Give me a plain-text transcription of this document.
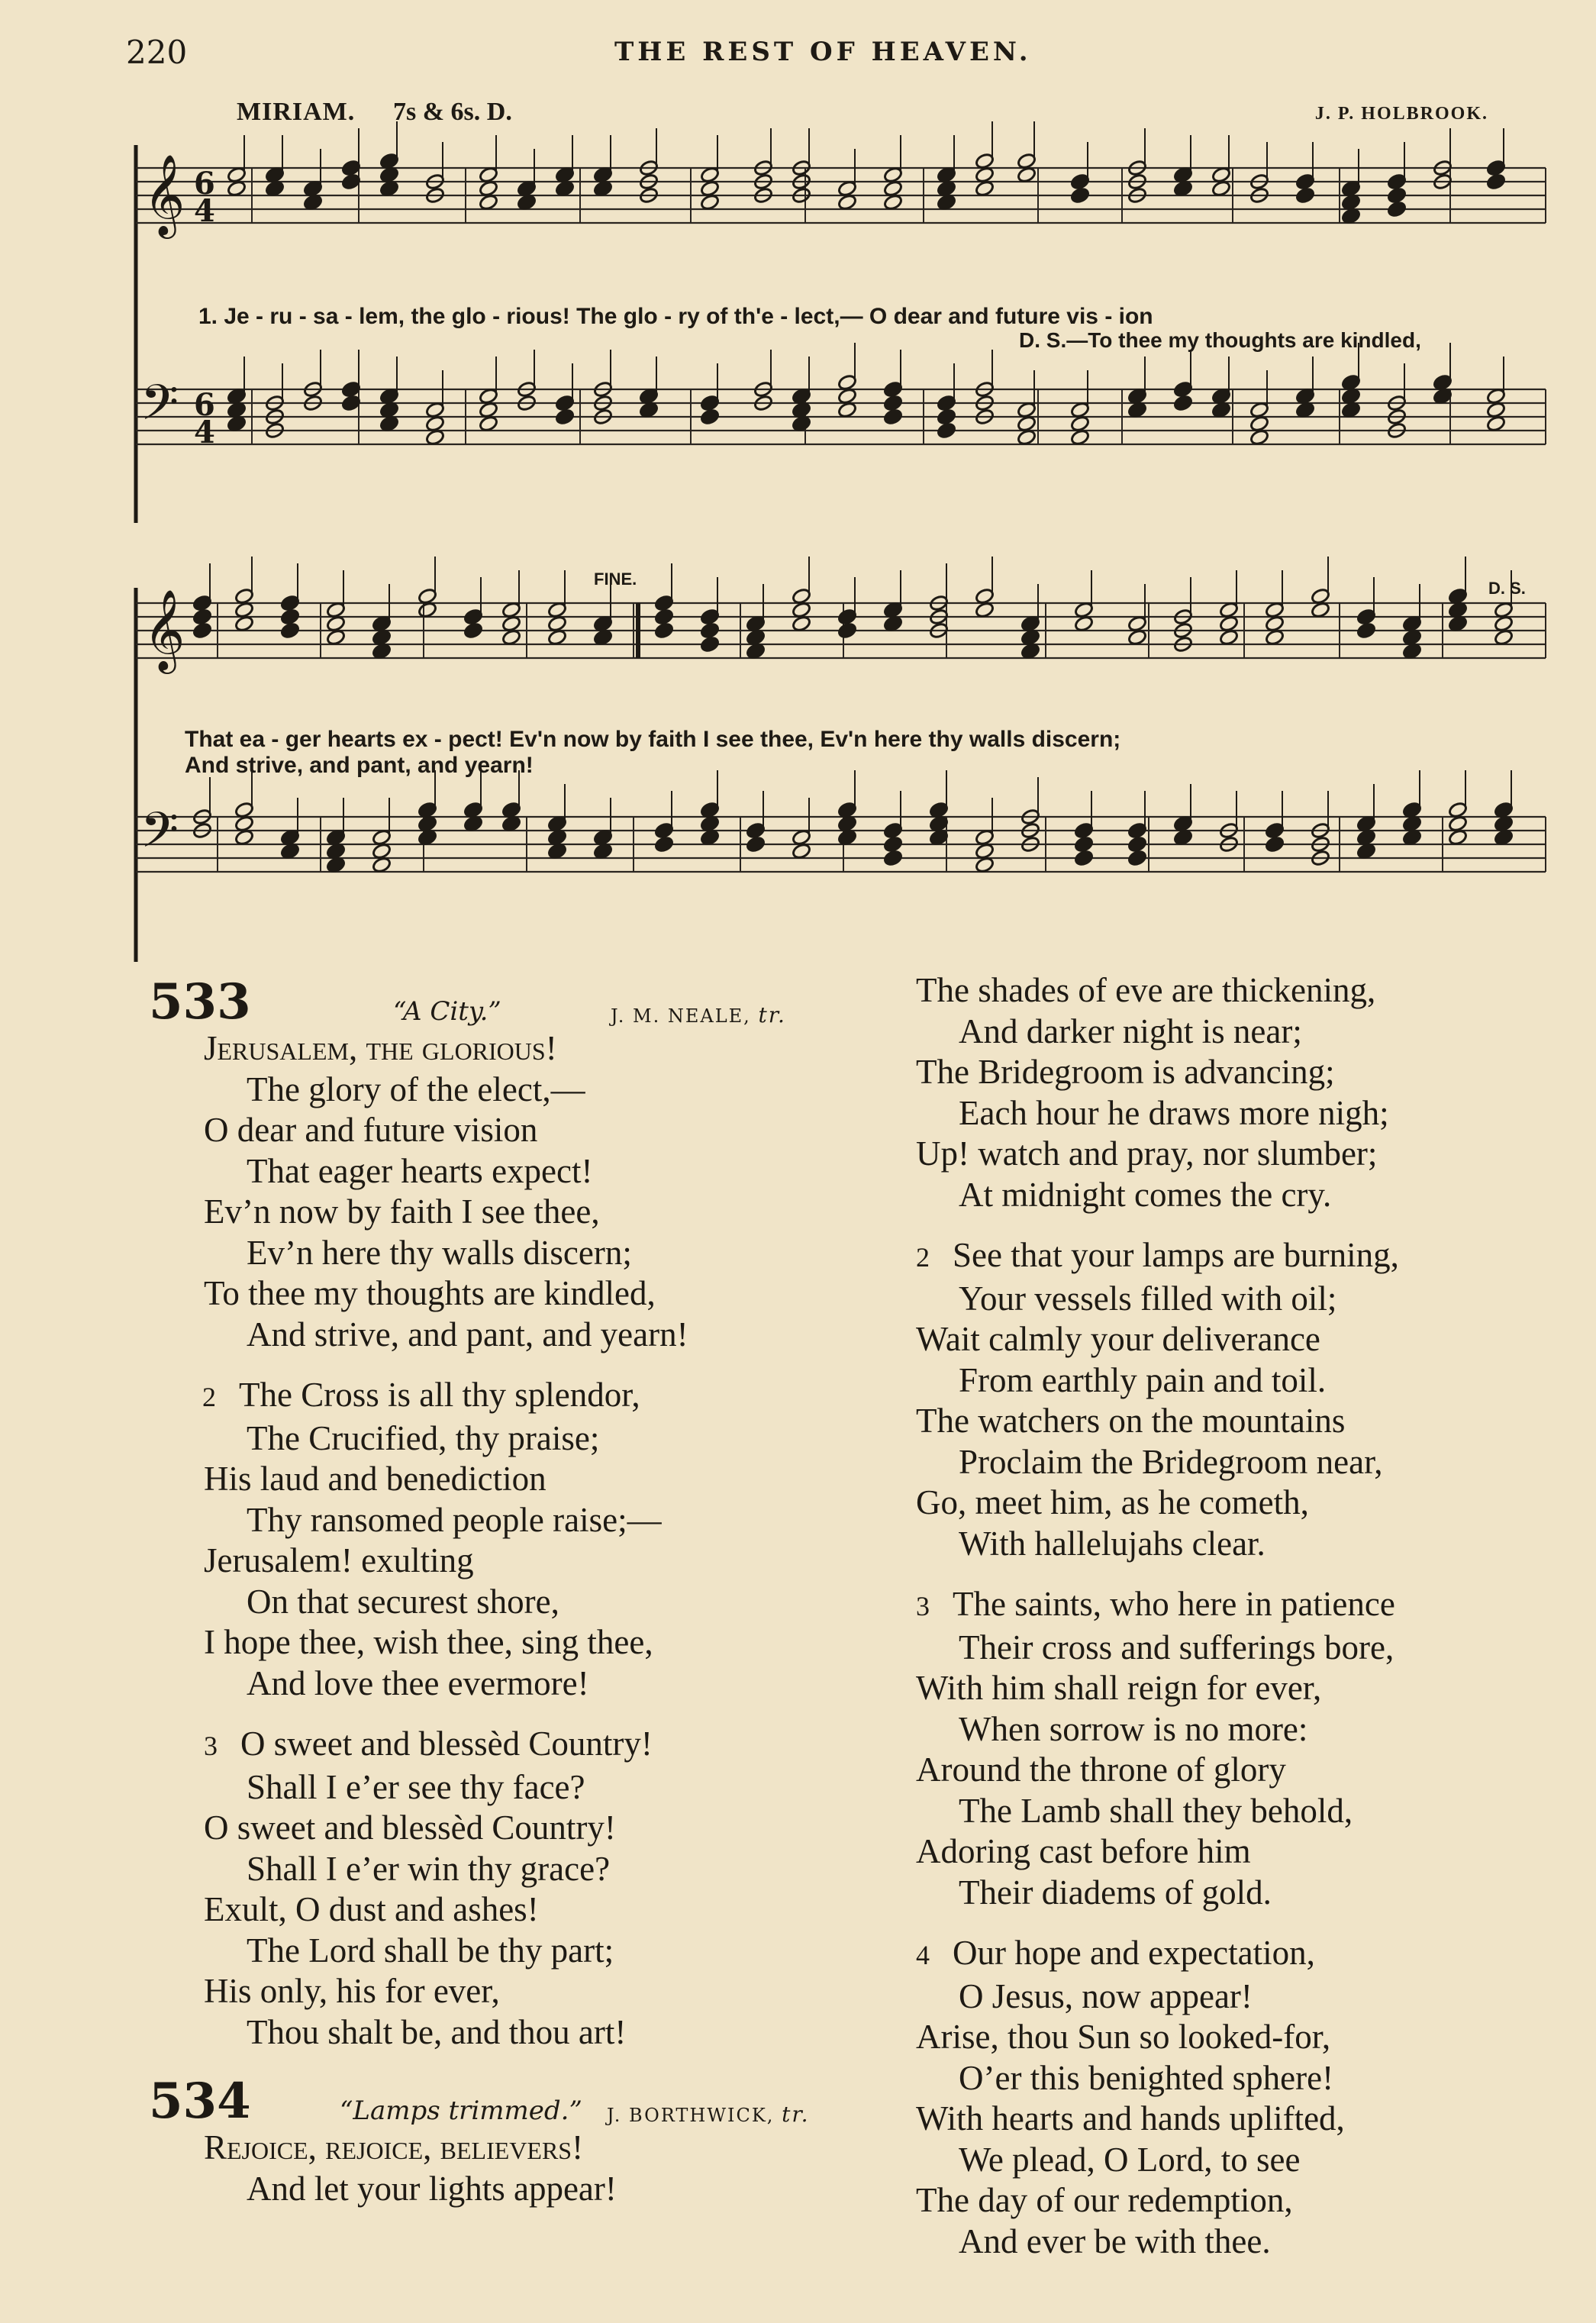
220	THE REST OF HEAVEN.
MIRIAM. 7s & 6s. D.	J. P. HOLBROOK.
𝄞
𝄢
6
4
6
4
1. Je - ru - sa - lem, the glo - rious! The glo - ry of th'e - lect,— O dear and future vis - ion
D. S.—To thee my thoughts are kindled,
𝄞
𝄢
FINE.	D. S.
That ea - ger hearts ex - pect! Ev'n now by faith I see thee, Ev'n here thy walls discern;
And strive, and pant, and yearn!
533	“A City.”	J. M. NEALE, tr.
Jerusalem, the glorious!
The glory of the elect,—
O dear and future vision
That eager hearts expect!
Ev’n now by faith I see thee,
Ev’n here thy walls discern;
To thee my thoughts are kindled,
And strive, and pant, and yearn!
2 The Cross is all thy splendor,
The Crucified, thy praise;
His laud and benediction
Thy ransomed people raise;—
Jerusalem! exulting
On that securest shore,
I hope thee, wish thee, sing thee,
And love thee evermore!
3 O sweet and blessèd Country!
Shall I e’er see thy face?
O sweet and blessèd Country!
Shall I e’er win thy grace?
Exult, O dust and ashes!
The Lord shall be thy part;
His only, his for ever,
Thou shalt be, and thou art!
534	“Lamps trimmed.” J. BORTHWICK, tr.
Rejoice, rejoice, believers!
And let your lights appear!
The shades of eve are thickening,
And darker night is near;
The Bridegroom is advancing;
Each hour he draws more nigh;
Up! watch and pray, nor slumber;
At midnight comes the cry.
2 See that your lamps are burning,
Your vessels filled with oil;
Wait calmly your deliverance
From earthly pain and toil.
The watchers on the mountains
Proclaim the Bridegroom near,
Go, meet him, as he cometh,
With hallelujahs clear.
3 The saints, who here in patience
Their cross and sufferings bore,
With him shall reign for ever,
When sorrow is no more:
Around the throne of glory
The Lamb shall they behold,
Adoring cast before him
Their diadems of gold.
4 Our hope and expectation,
O Jesus, now appear!
Arise, thou Sun so looked-for,
O’er this benighted sphere!
With hearts and hands uplifted,
We plead, O Lord, to see
The day of our redemption,
And ever be with thee.
